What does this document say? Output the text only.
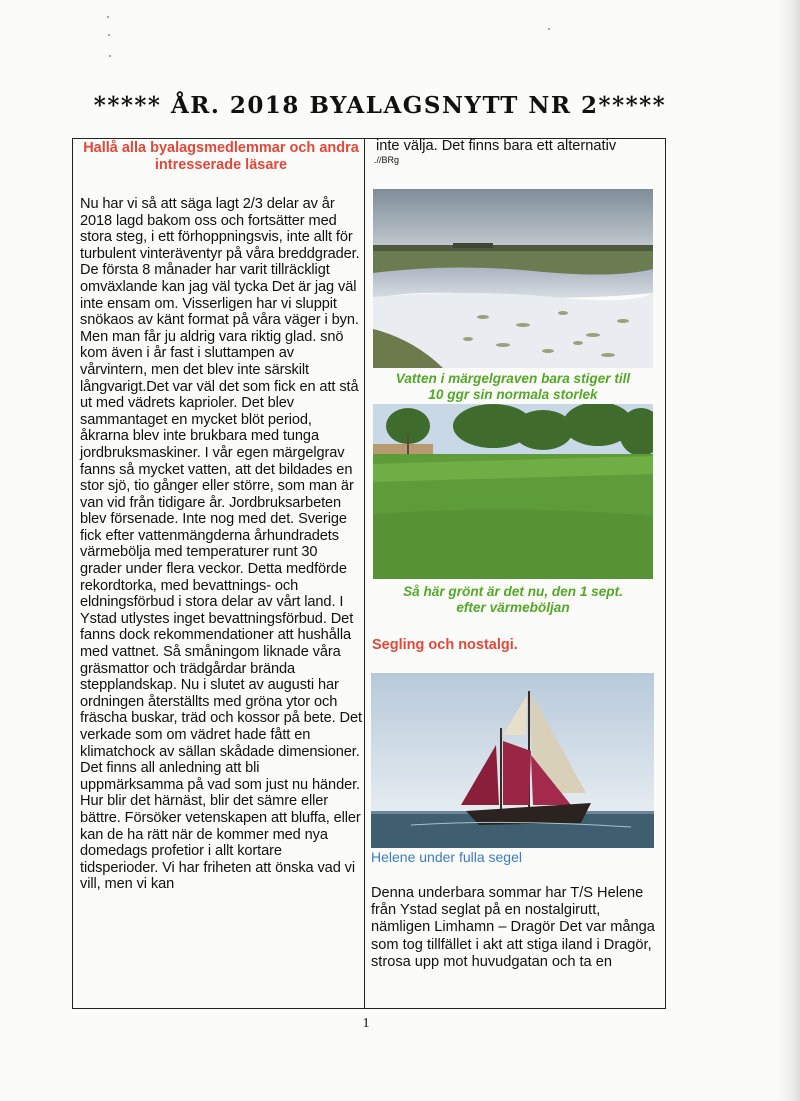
***** ÅR. 2018 BYALAGSNYTT NR 2*****

Hallå alla byalagsmedlemmar och andra intresserade läsare

Nu har vi så att säga lagt 2/3 delar av år 2018 lagd bakom oss och fortsätter med stora steg, i ett förhoppningsvis, inte allt för turbulent vinteräventyr på våra breddgrader. De första 8 månader har varit tillräckligt omväxlande kan jag väl tycka Det är jag väl inte ensam om. Visserligen har vi sluppit snökaos av känt format på våra väger i byn. Men man får ju aldrig vara riktig glad. snö kom även i år fast i sluttampen av vårvintern, men det blev inte särskilt långvarigt.Det var väl det som fick en att stå ut med vädrets kaprioler. Det blev sammantaget en mycket blöt period, åkrarna blev inte brukbara med tunga jordbruksmaskiner. I vår egen märgelgrav fanns så mycket vatten, att det bildades en stor sjö, tio gånger eller större, som man är van vid från tidigare år. Jordbruksarbeten blev försenade. Inte nog med det. Sverige fick efter vattenmängderna århundradets värmebölja med temperaturer runt 30 grader under flera veckor. Detta medförde rekordtorka, med bevattnings- och eldningsförbud i stora delar av vårt land. I Ystad utlystes inget bevattningsförbud. Det fanns dock rekommendationer att hushålla med vattnet. Så småningom liknade våra gräsmattor och trädgårdar brända stepplandskap. Nu i slutet av augusti har ordningen återställts med gröna ytor och fräscha buskar, träd och kossor på bete. Det verkade som om vädret hade fått en klimatchock av sällan skådade dimensioner. Det finns all anledning att bli uppmärksamma på vad som just nu händer. Hur blir det härnäst, blir det sämre eller bättre. Försöker vetenskapen att bluffa, eller kan de ha rätt när de kommer med nya domedags profetior i allt kortare tidsperioder. Vi har friheten att önska vad vi vill, men vi kan

inte välja. Det finns bara ett alternativ

.//BRg
Vatten i märgelgraven bara stiger till
10 ggr sin normala storlek
Så här grönt är det nu, den 1 sept.
efter värmeböljan
Segling och nostalgi.
Helene under fulla segel

Denna underbara sommar har T/S Helene från Ystad seglat på en nostalgirutt, nämligen Limhamn – Dragör Det var många som tog tillfället i akt att stiga iland i Dragör, strosa upp mot huvudgatan och ta en

1
